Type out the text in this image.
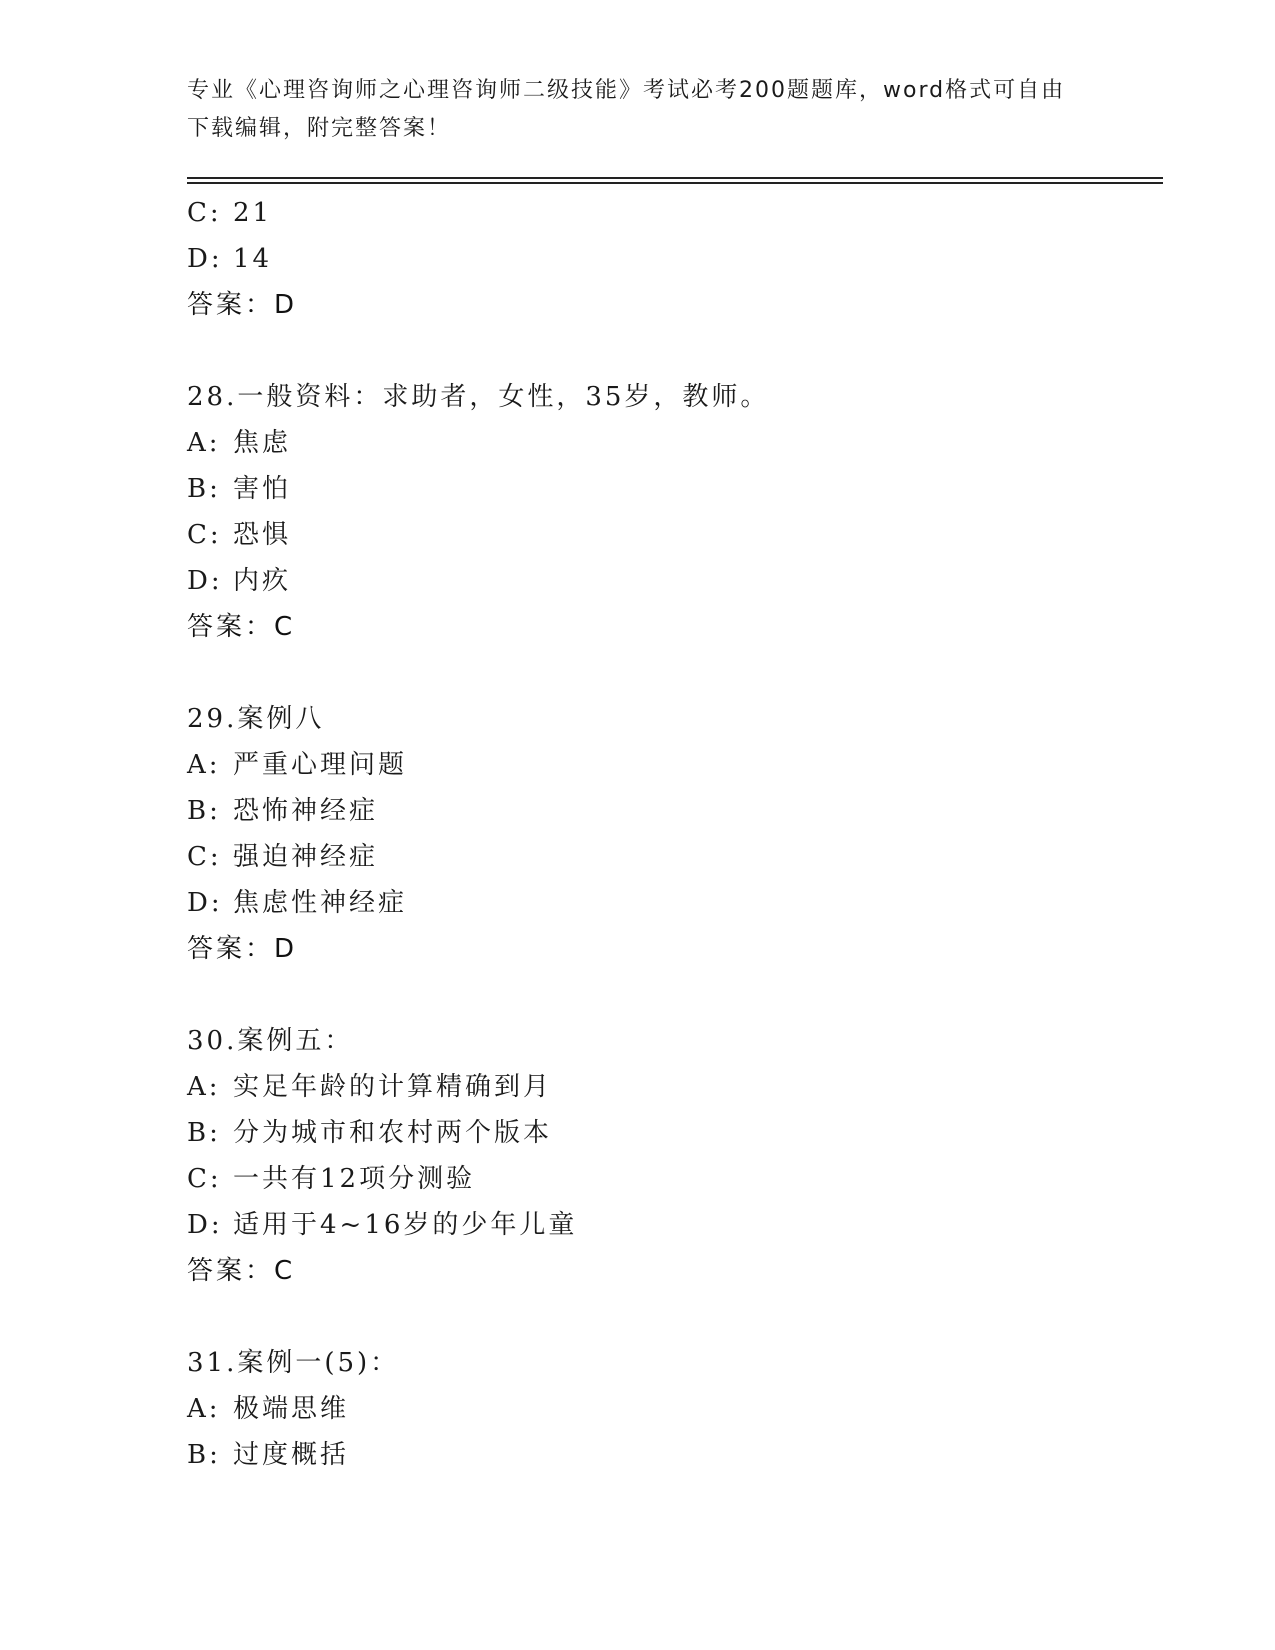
专业《心理咨询师之心理咨询师二级技能》考试必考200题题库，word格式可自由下载编辑，附完整答案！
C: 21
D: 14
答案：D
28.一般资料：求助者，女性，35岁，教师。
A: 焦虑
B: 害怕
C: 恐惧
D: 内疚
答案：C
29.案例八
A: 严重心理问题
B: 恐怖神经症
C: 强迫神经症
D: 焦虑性神经症
答案：D
30.案例五：
A: 实足年龄的计算精确到月
B: 分为城市和农村两个版本
C: 一共有12项分测验
D: 适用于4~16岁的少年儿童
答案：C
31.案例一(5)：
A: 极端思维
B: 过度概括
